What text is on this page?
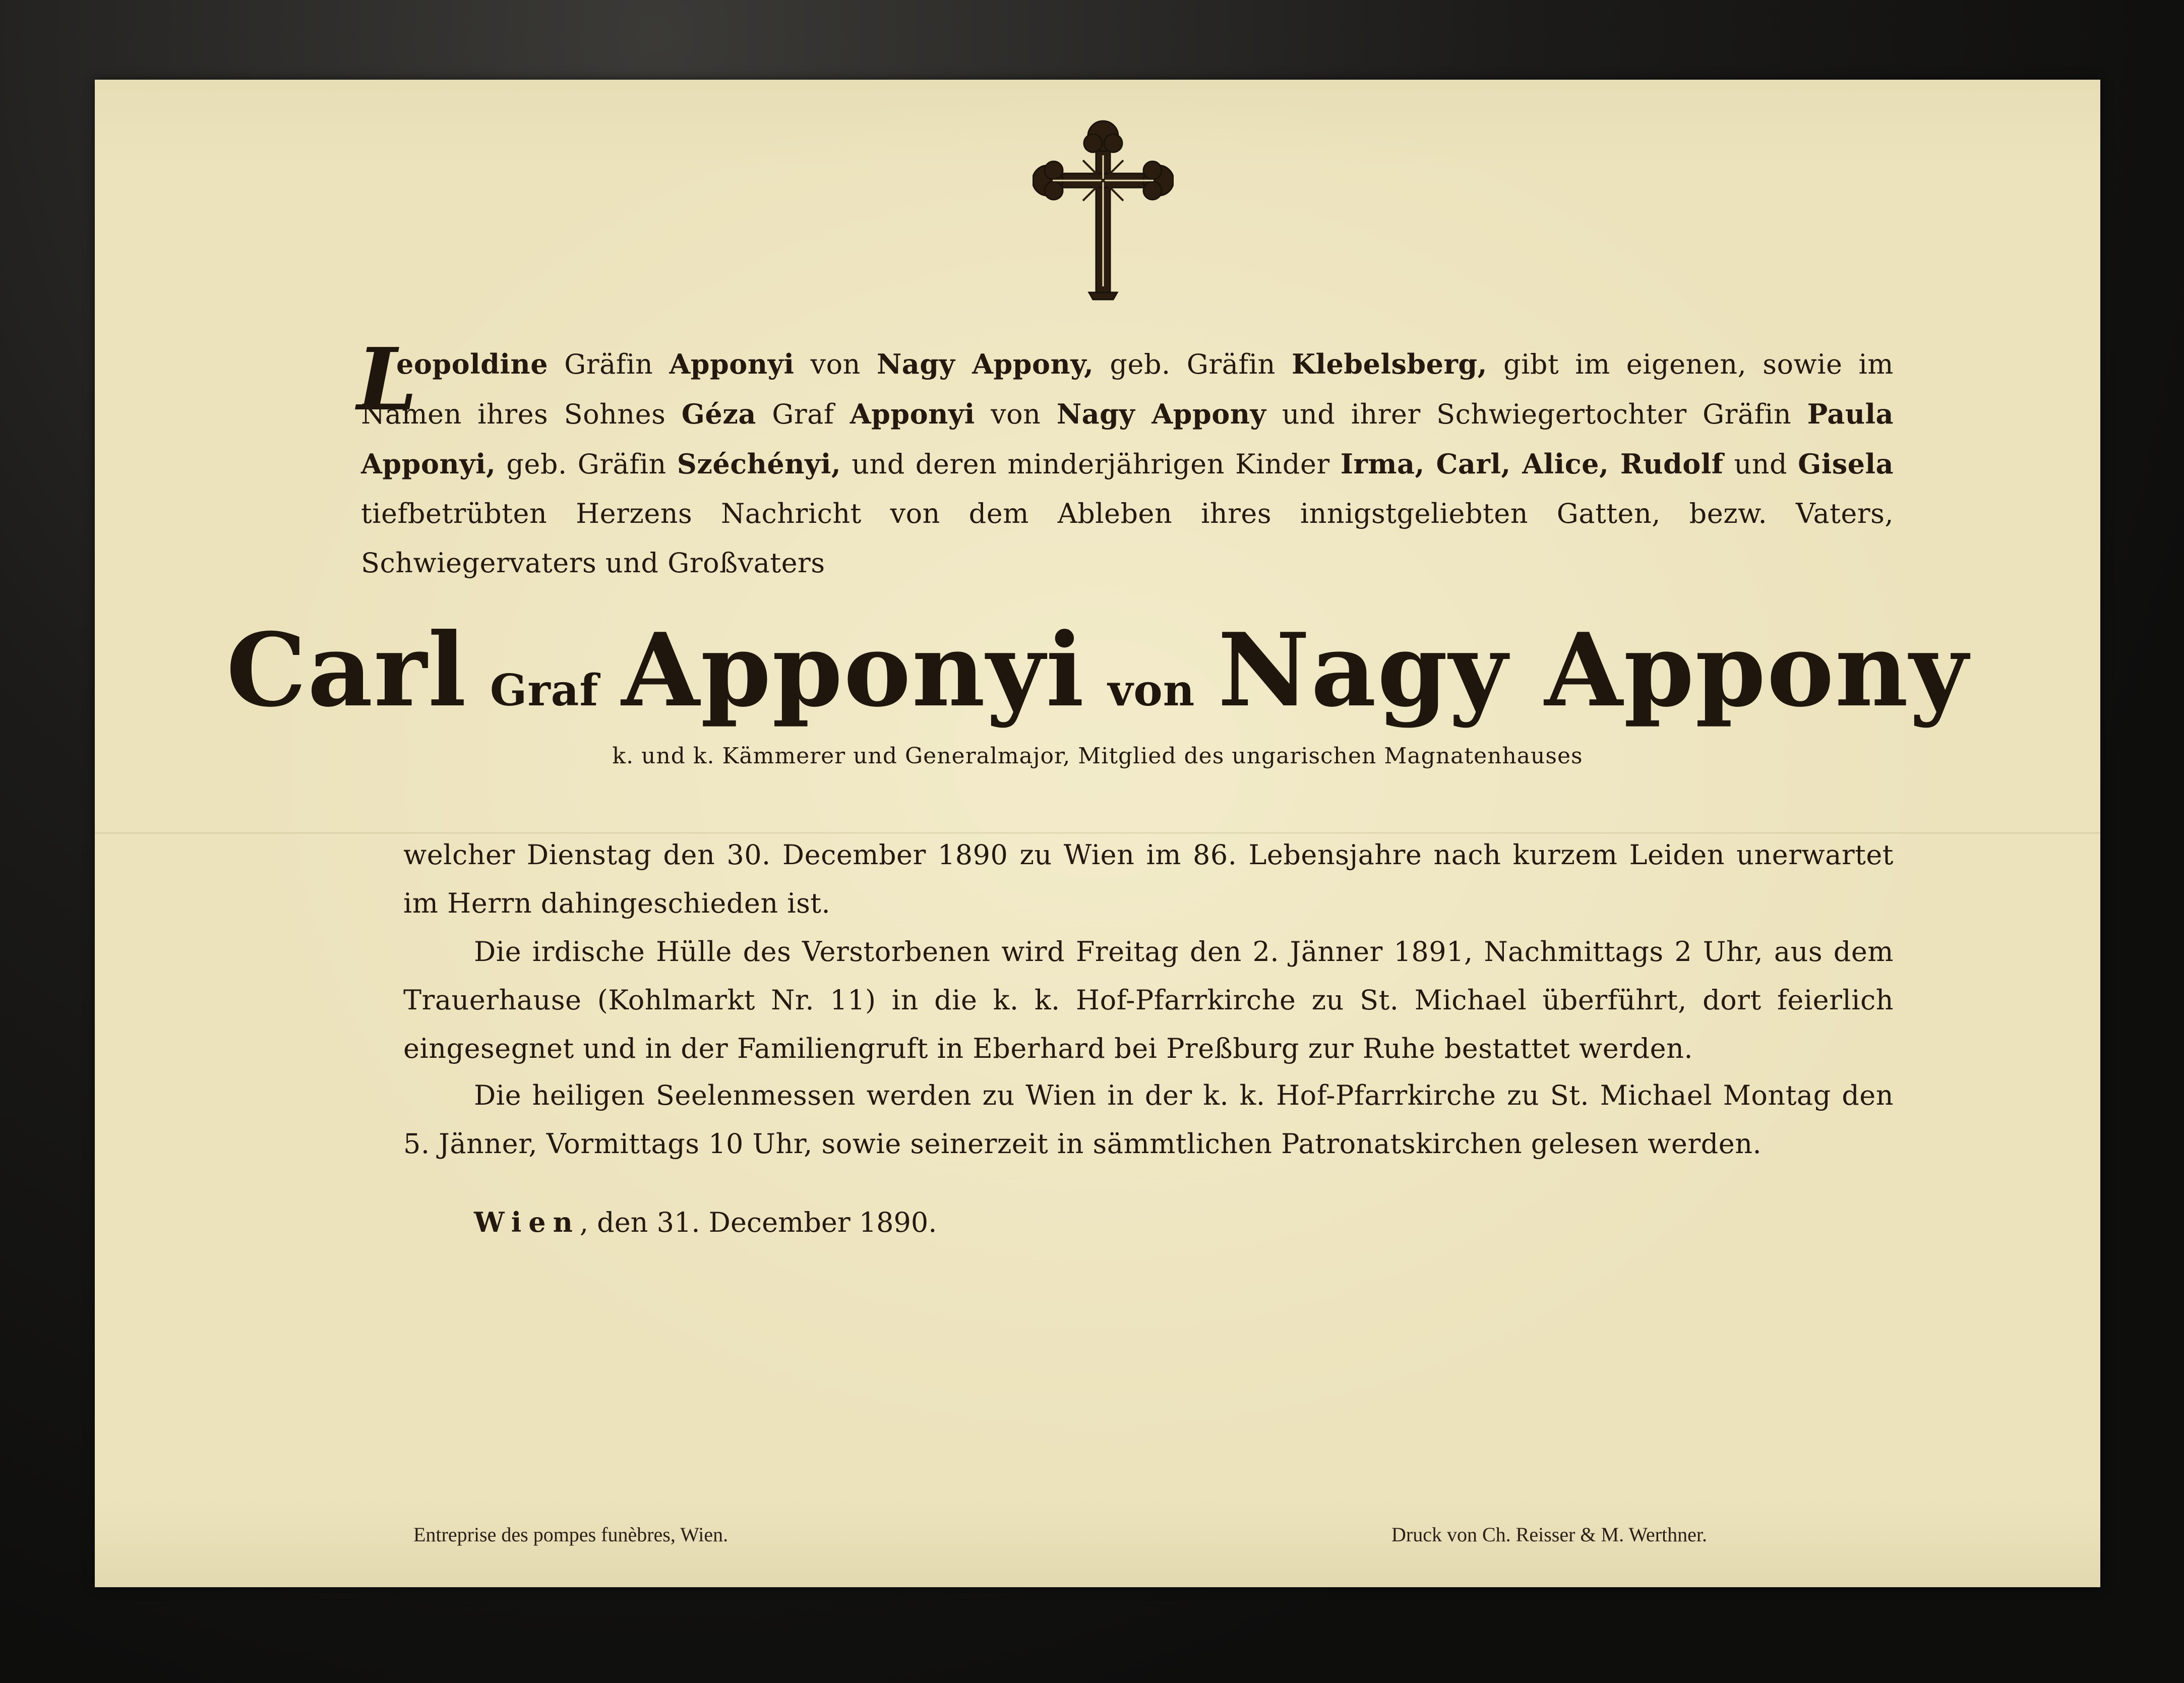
L

eopoldine Gräfin Apponyi von Nagy Appony, geb. Gräfin Klebelsberg, gibt im eigenen, sowie im Namen ihres Sohnes Géza Graf Apponyi von Nagy Appony und ihrer Schwiegertochter Gräfin Paula Apponyi, geb. Gräfin Széchényi, und deren minderjährigen Kinder Irma, Carl, Alice, Rudolf und Gisela tiefbetrübten Herzens Nachricht von dem Ableben ihres innigstgeliebten Gatten, bezw. Vaters, Schwiegervaters und Großvaters

Carl Graf Apponyi von Nagy Appony
k. und k. Kämmerer und Generalmajor, Mitglied des ungarischen Magnatenhauses

welcher Dienstag den 30. December 1890 zu Wien im 86. Lebensjahre nach kurzem Leiden unerwartet im Herrn dahingeschieden ist.

Die irdische Hülle des Verstorbenen wird Freitag den 2. Jänner 1891, Nachmittags 2 Uhr, aus dem Trauerhause (Kohlmarkt Nr. 11) in die k. k. Hof-Pfarrkirche zu St. Michael überführt, dort feierlich eingesegnet und in der Familiengruft in Eberhard bei Preßburg zur Ruhe bestattet werden.

Die heiligen Seelenmessen werden zu Wien in der k. k. Hof-Pfarrkirche zu St. Michael Montag den 5. Jänner, Vormittags 10 Uhr, sowie seinerzeit in sämmtlichen Patronatskirchen gelesen werden.

Wien, den 31. December 1890.
Entreprise des pompes funèbres, Wien.	Druck von Ch. Reisser & M. Werthner.
